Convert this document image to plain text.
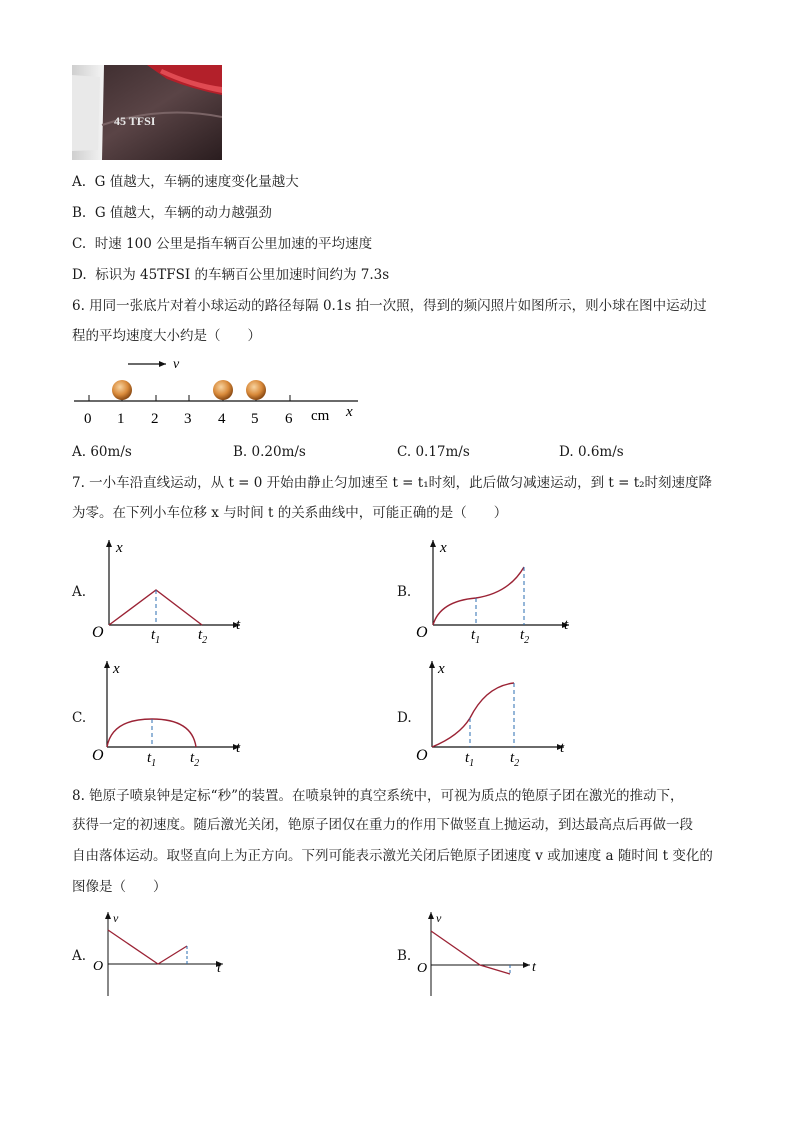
45 TFSI
A. G 值越大，车辆的速度变化量越大
B. G 值越大，车辆的动力越强劲
C. 时速 100 公里是指车辆百公里加速的平均速度
D. 标识为 45TFSI 的车辆百公里加速时间约为 7.3s
6. 用同一张底片对着小球运动的路径每隔 0.1s 拍一次照，得到的频闪照片如图所示，则小球在图中运动过
程的平均速度大小约是（　　）
v
0 1 2 3 4 5 6 cm x
A. 60m/s	B. 0.20m/s	C. 0.17m/s	D. 0.6m/s
7. 一小车沿直线运动，从 t = 0 开始由静止匀加速至 t = t₁时刻，此后做匀减速运动，到 t = t₂时刻速度降
为零。在下列小车位移 x 与时间 t 的关系曲线中，可能正确的是（　　）
A.
x
t
O	$t_1$	$t_2$
B.
x
t
O	$t_1$	$t_2$
C.
x
t
O	$t_1$ $t_2$
D.
x
t
O $t_1$ $t_2$
8. 铯原子喷泉钟是定标“秒”的装置。在喷泉钟的真空系统中，可视为质点的铯原子团在激光的推动下，
获得一定的初速度。随后激光关闭，铯原子团仅在重力的作用下做竖直上抛运动，到达最高点后再做一段
自由落体运动。取竖直向上为正方向。下列可能表示激光关闭后铯原子团速度 v 或加速度 a 随时间 t 变化的
图像是（　　）
A.
v
t
O
B.
v
t
O
